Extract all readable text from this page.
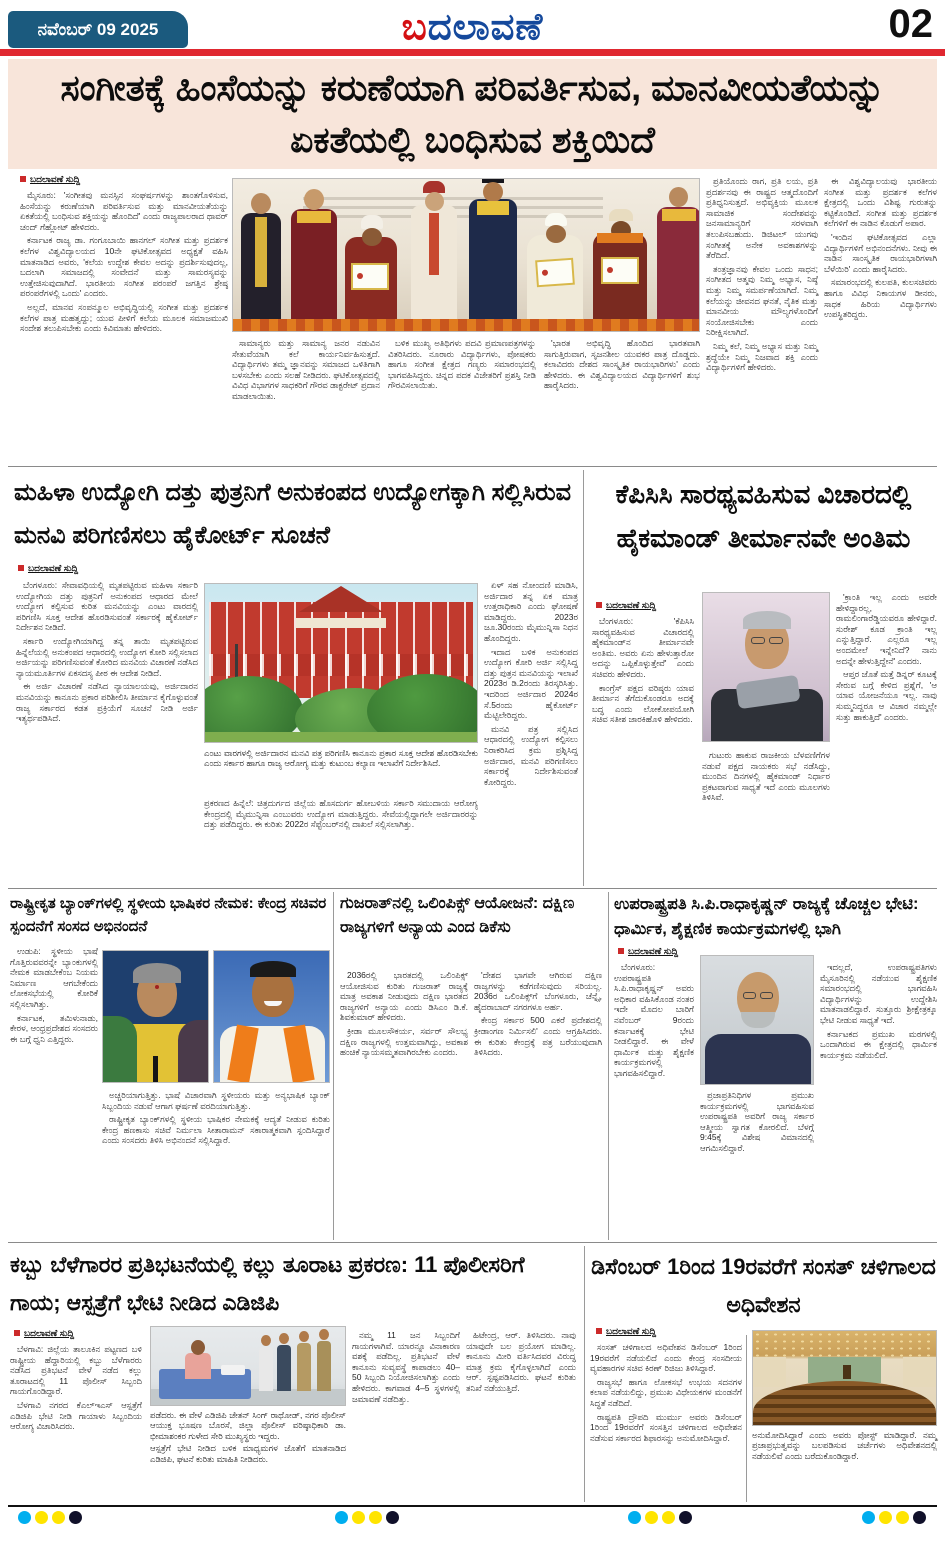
ನವೆಂಬರ್ 09 2025	ಬದಲಾವಣೆ	02
ಸಂಗೀತಕ್ಕೆ ಹಿಂಸೆಯನ್ನು ಕರುಣೆಯಾಗಿ ಪರಿವರ್ತಿಸುವ, ಮಾನವೀಯತೆಯನ್ನು ಏಕತೆಯಲ್ಲಿ ಬಂಧಿಸುವ ಶಕ್ತಿಯಿದೆ
ಬದಲಾವಣೆ ಸುದ್ದಿ

ಮೈಸೂರು: 'ಸಂಗೀತವು ಮನಸ್ಸಿನ ಸಂಘರ್ಷಗಳನ್ನು ಶಾಂತಗೊಳಿಸುವ, ಹಿಂಸೆಯನ್ನು ಕರುಣೆಯಾಗಿ ಪರಿವರ್ತಿಸುವ ಮತ್ತು ಮಾನವೀಯತೆಯನ್ನು ಏಕತೆಯಲ್ಲಿ ಬಂಧಿಸುವ ಶಕ್ತಿಯನ್ನು ಹೊಂದಿದೆ' ಎಂದು ರಾಜ್ಯಪಾಲರಾದ ಥಾವರ್ ಚಂದ್ ಗೆಹ್ಲೋಟ್ ಹೇಳಿದರು.

ಕರ್ನಾಟಕ ರಾಜ್ಯ ಡಾ. ಗಂಗೂಬಾಯಿ ಹಾನಗಲ್ ಸಂಗೀತ ಮತ್ತು ಪ್ರದರ್ಶಕ ಕಲೆಗಳ ವಿಶ್ವವಿದ್ಯಾಲಯದ 10ನೇ ಘಟಿಕೋತ್ಸವದ ಅಧ್ಯಕ್ಷತೆ ವಹಿಸಿ ಮಾತನಾಡಿದ ಅವರು, 'ಕಲೆಯ ಉದ್ದೇಶ ಕೇವಲ ಅದನ್ನು ಪ್ರದರ್ಶಿಸುವುದಲ್ಲ, ಬದಲಾಗಿ ಸಮಾಜದಲ್ಲಿ ಸಂವೇದನೆ ಮತ್ತು ಸಾಮರಸ್ಯವನ್ನು ಉತ್ತೇಜಿಸುವುದಾಗಿದೆ. ಭಾರತೀಯ ಸಂಗೀತ ಪರಂಪರೆ ಜಗತ್ತಿನ ಶ್ರೇಷ್ಠ ಪರಂಪರೆಗಳಲ್ಲಿ ಒಂದು' ಎಂದರು.

ಅಲ್ಲದೆ, ಮಾನವ ಸಂಪನ್ಮೂಲ ಅಭಿವೃದ್ಧಿಯಲ್ಲಿ ಸಂಗೀತ ಮತ್ತು ಪ್ರದರ್ಶಕ ಕಲೆಗಳ ಪಾತ್ರ ಮಹತ್ವದ್ದು; ಯುವ ಪೀಳಿಗೆ ಕಲೆಯ ಮೂಲಕ ಸಮಾಜಮುಖಿ ಸಂದೇಶ ತಲುಪಿಸಬೇಕು ಎಂದು ಕಿವಿಮಾತು ಹೇಳಿದರು.

ಸಾಮಾನ್ಯರು ಮತ್ತು ಸಾಮಾನ್ಯ ಜನರ ನಡುವಿನ ಸೇತುವೆಯಾಗಿ ಕಲೆ ಕಾರ್ಯನಿರ್ವಹಿಸುತ್ತದೆ. ವಿದ್ಯಾರ್ಥಿಗಳು ತಮ್ಮ ಜ್ಞಾನವನ್ನು ಸಮಾಜದ ಒಳಿತಿಗಾಗಿ ಬಳಸಬೇಕು ಎಂದು ಸಲಹೆ ನೀಡಿದರು. ಘಟಿಕೋತ್ಸವದಲ್ಲಿ ವಿವಿಧ ವಿಭಾಗಗಳ ಸಾಧಕರಿಗೆ ಗೌರವ ಡಾಕ್ಟರೇಟ್ ಪ್ರದಾನ ಮಾಡಲಾಯಿತು.

ಬಳಿಕ ಮುಖ್ಯ ಅತಿಥಿಗಳು ಪದವಿ ಪ್ರಮಾಣಪತ್ರಗಳನ್ನು ವಿತರಿಸಿದರು. ನೂರಾರು ವಿದ್ಯಾರ್ಥಿಗಳು, ಪೋಷಕರು ಹಾಗೂ ಸಂಗೀತ ಕ್ಷೇತ್ರದ ಗಣ್ಯರು ಸಮಾರಂಭದಲ್ಲಿ ಭಾಗವಹಿಸಿದ್ದರು. ಚಿನ್ನದ ಪದಕ ವಿಜೇತರಿಗೆ ಪ್ರಶಸ್ತಿ ನೀಡಿ ಗೌರವಿಸಲಾಯಿತು.

'ಭಾರತ ಅಭಿವೃದ್ಧಿ ಹೊಂದಿದ ಭಾರತವಾಗಿ ಸಾಗುತ್ತಿರುವಾಗ, ಸೃಜನಶೀಲ ಯುವಕರ ಪಾತ್ರ ದೊಡ್ಡದು. ಕಲಾವಿದರು ದೇಶದ ಸಾಂಸ್ಕೃತಿಕ ರಾಯಭಾರಿಗಳು' ಎಂದು ಹೇಳಿದರು. ಈ ವಿಶ್ವವಿದ್ಯಾಲಯದ ವಿದ್ಯಾರ್ಥಿಗಳಿಗೆ ಶುಭ ಹಾರೈಸಿದರು.

ಪ್ರತಿಯೊಂದು ರಾಗ, ಪ್ರತಿ ಲಯ, ಪ್ರತಿ ಪ್ರದರ್ಶನವು ಈ ರಾಷ್ಟ್ರದ ಆತ್ಮದೊಂದಿಗೆ ಪ್ರತಿಧ್ವನಿಸುತ್ತದೆ. ಅಭಿವ್ಯಕ್ತಿಯ ಮೂಲಕ ಸಾಮಾಜಿಕ ಸಂದೇಶವನ್ನು ಜನಸಾಮಾನ್ಯರಿಗೆ ಸರಳವಾಗಿ ತಲುಪಿಸಬಹುದು. ಡಿಜಿಟಲ್ ಯುಗವು ಸಂಗೀತಕ್ಕೆ ಅನೇಕ ಅವಕಾಶಗಳನ್ನು ತೆರೆದಿದೆ.

ತಂತ್ರಜ್ಞಾನವು ಕೇವಲ ಒಂದು ಸಾಧನ; ಸಂಗೀತದ ಆತ್ಮವು ನಿಮ್ಮ ಅಭ್ಯಾಸ, ನಿಷ್ಠೆ ಮತ್ತು ನಿಮ್ಮ ಸಮರ್ಪಣೆಯಾಗಿದೆ. ನಿಮ್ಮ ಕಲೆಯನ್ನು ಜೀವನದ ಘನತೆ, ನೈತಿಕ ಮತ್ತು ಮಾನವೀಯ ಮೌಲ್ಯಗಳೊಂದಿಗೆ ಸಂಯೋಜಿಸಬೇಕು ಎಂದು ನಿರೀಕ್ಷಿಸಲಾಗಿದೆ.

ನಿಮ್ಮ ಕಲೆ, ನಿಮ್ಮ ಅಭ್ಯಾಸ ಮತ್ತು ನಿಮ್ಮ ಶ್ರದ್ಧೆಯೇ ನಿಮ್ಮ ನಿಜವಾದ ಶಕ್ತಿ ಎಂದು ವಿದ್ಯಾರ್ಥಿಗಳಿಗೆ ಹೇಳಿದರು.

ಈ ವಿಶ್ವವಿದ್ಯಾಲಯವು ಭಾರತೀಯ ಸಂಗೀತ ಮತ್ತು ಪ್ರದರ್ಶಕ ಕಲೆಗಳ ಕ್ಷೇತ್ರದಲ್ಲಿ ಒಂದು ವಿಶಿಷ್ಟ ಗುರುತನ್ನು ಕಟ್ಟಿಕೊಂಡಿದೆ. ಸಂಗೀತ ಮತ್ತು ಪ್ರದರ್ಶಕ ಕಲೆಗಳಿಗೆ ಈ ನಾಡಿನ ಕೊಡುಗೆ ಅಪಾರ.

'ಇಂದಿನ ಘಟಿಕೋತ್ಸವದ ಎಲ್ಲಾ ವಿದ್ಯಾರ್ಥಿಗಳಿಗೆ ಅಭಿನಂದನೆಗಳು. ನೀವು ಈ ನಾಡಿನ ಸಾಂಸ್ಕೃತಿಕ ರಾಯಭಾರಿಗಳಾಗಿ ಬೆಳೆಯಿರಿ' ಎಂದು ಹಾರೈಸಿದರು.

ಸಮಾರಂಭದಲ್ಲಿ ಕುಲಪತಿ, ಕುಲಸಚಿವರು ಹಾಗೂ ವಿವಿಧ ನಿಕಾಯಗಳ ಡೀನರು, ಸಾಧಕ ಹಿರಿಯ ವಿದ್ಯಾರ್ಥಿಗಳು ಉಪಸ್ಥಿತರಿದ್ದರು.

ಮಹಿಳಾ ಉದ್ಯೋಗಿ ದತ್ತು ಪುತ್ರನಿಗೆ ಅನುಕಂಪದ ಉದ್ಯೋಗಕ್ಕಾಗಿ ಸಲ್ಲಿಸಿರುವ ಮನವಿ ಪರಿಗಣಿಸಲು ಹೈಕೋರ್ಟ್ ಸೂಚನೆ
ಬದಲಾವಣೆ ಸುದ್ದಿ

ಬೆಂಗಳೂರು: ಸೇವಾವಧಿಯಲ್ಲಿ ಮೃತಪಟ್ಟಿರುವ ಮಹಿಳಾ ಸರ್ಕಾರಿ ಉದ್ಯೋಗಿಯ ದತ್ತು ಪುತ್ರನಿಗೆ ಅನುಕಂಪದ ಆಧಾರದ ಮೇಲೆ ಉದ್ಯೋಗ ಕಲ್ಪಿಸುವ ಕುರಿತ ಮನವಿಯನ್ನು ಎಂಟು ವಾರದಲ್ಲಿ ಪರಿಗಣಿಸಿ ಸೂಕ್ತ ಆದೇಶ ಹೊರಡಿಸುವಂತೆ ಸರ್ಕಾರಕ್ಕೆ ಹೈಕೋರ್ಟ್ ನಿರ್ದೇಶನ ನೀಡಿದೆ.

ಸರ್ಕಾರಿ ಉದ್ಯೋಗಿಯಾಗಿದ್ದ ತನ್ನ ತಾಯಿ ಮೃತಪಟ್ಟಿರುವ ಹಿನ್ನೆಲೆಯಲ್ಲಿ ಅನುಕಂಪದ ಆಧಾರದಲ್ಲಿ ಉದ್ಯೋಗ ಕೋರಿ ಸಲ್ಲಿಸಲಾದ ಅರ್ಜಿಯನ್ನು ಪರಿಗಣಿಸುವಂತೆ ಕೋರಿದ ಮನವಿಯ ವಿಚಾರಣೆ ನಡೆಸಿದ ನ್ಯಾಯಮೂರ್ತಿಗಳ ಏಕಸದಸ್ಯ ಪೀಠ ಈ ಆದೇಶ ನೀಡಿದೆ.

ಈ ಅರ್ಜಿ ವಿಚಾರಣೆ ನಡೆಸಿದ ನ್ಯಾಯಾಲಯವು, ಅರ್ಜಿದಾರನ ಮನವಿಯನ್ನು ಕಾನೂನು ಪ್ರಕಾರ ಪರಿಶೀಲಿಸಿ ತೀರ್ಮಾನ ಕೈಗೊಳ್ಳುವಂತೆ ರಾಜ್ಯ ಸರ್ಕಾರದ ಕಡತ ಪ್ರಕ್ರಿಯೆಗೆ ಸೂಚನೆ ನೀಡಿ ಅರ್ಜಿ ಇತ್ಯರ್ಥಪಡಿಸಿದೆ.

ಎಂಟು ವಾರಗಳಲ್ಲಿ ಅರ್ಜಿದಾರನ ಮನವಿ ಪತ್ರ ಪರಿಗಣಿಸಿ ಕಾನೂನು ಪ್ರಕಾರ ಸೂಕ್ತ ಆದೇಶ ಹೊರಡಿಸಬೇಕು ಎಂದು ಸರ್ಕಾರ ಹಾಗೂ ರಾಜ್ಯ ಆರೋಗ್ಯ ಮತ್ತು ಕುಟುಂಬ ಕಲ್ಯಾಣ ಇಲಾಖೆಗೆ ನಿರ್ದೇಶಿಸಿದೆ.
ಪ್ರಕರಣದ ಹಿನ್ನೆಲೆ: ಚಿತ್ರದುರ್ಗದ ಜಿಲ್ಲೆಯ ಹೊಸದುರ್ಗ ಹೋಬಳಿಯ ಸರ್ಕಾರಿ ಸಮುದಾಯ ಆರೋಗ್ಯ ಕೇಂದ್ರದಲ್ಲಿ ಮೈಮುನ್ನಿಸಾ ಎಂಬುವರು ಉದ್ಯೋಗ ಮಾಡುತ್ತಿದ್ದರು. ಸೇವೆಯಲ್ಲಿದ್ದಾಗಲೇ ಅರ್ಜಿದಾರರನ್ನು ದತ್ತು ಪಡೆದಿದ್ದರು. ಈ ಕುರಿತು 2022ರ ಸೆಪ್ಟೆಂಬರ್‌ನಲ್ಲಿ ದಾಖಲೆ ಸಲ್ಲಿಸಲಾಗಿತ್ತು.

ಏಳ್ ಸಹ ನೋಂದಣಿ ಮಾಡಿಸಿ, ಅರ್ಜಿದಾರ ತನ್ನ ಏಕ ಮಾತ್ರ ಉತ್ತರಾಧಿಕಾರಿ ಎಂದು ಘೋಷಣೆ ಮಾಡಿದ್ದರು. 2023ರ ಜೂ.30ರಂದು ಮೈಮುನ್ನಿಸಾ ನಿಧನ ಹೊಂದಿದ್ದರು.

ಇದಾದ ಬಳಿಕ ಅನುಕಂಪದ ಉದ್ಯೋಗ ಕೋರಿ ಅರ್ಜಿ ಸಲ್ಲಿಸಿದ್ದ ದತ್ತು ಪುತ್ರನ ಮನವಿಯನ್ನು ಇಲಾಖೆ 2023ರ ಡಿ.2ರಂದು ತಿರಸ್ಕರಿಸಿತ್ತು. ಇದರಿಂದ ಅರ್ಜಿದಾರ 2024ರ ಸೆ.5ರಂದು ಹೈಕೋರ್ಟ್ ಮೆಟ್ಟಿಲೇರಿದ್ದರು.

ಮನವಿ ಪತ್ರ ಸಲ್ಲಿಸಿದ ಆಧಾರದಲ್ಲಿ ಉದ್ಯೋಗ ಕಲ್ಪಿಸಲು ನಿರಾಕರಿಸಿದ ಕ್ರಮ ಪ್ರಶ್ನಿಸಿದ್ದ ಅರ್ಜಿದಾರ, ಮನವಿ ಪರಿಗಣಿಸಲು ಸರ್ಕಾರಕ್ಕೆ ನಿರ್ದೇಶಿಸುವಂತೆ ಕೋರಿದ್ದರು.

ಕೆಪಿಸಿಸಿ ಸಾರಥ್ಯವಹಿಸುವ ವಿಚಾರದಲ್ಲಿ ಹೈಕಮಾಂಡ್ ತೀರ್ಮಾನವೇ ಅಂತಿಮ
ಬದಲಾವಣೆ ಸುದ್ದಿ

ಬೆಂಗಳೂರು: 'ಕೆಪಿಸಿಸಿ ಸಾರಥ್ಯವಹಿಸುವ ವಿಚಾರದಲ್ಲಿ ಹೈಕಮಾಂಡ್‌ನ ತೀರ್ಮಾನವೇ ಅಂತಿಮ. ಅವರು ಏನು ಹೇಳುತ್ತಾರೋ ಅದನ್ನು ಒಪ್ಪಿಕೊಳ್ಳುತ್ತೇವೆ' ಎಂದು ಸಚಿವರು ಹೇಳಿದರು.

ಕಾಂಗ್ರೆಸ್ ಪಕ್ಷದ ವರಿಷ್ಠರು ಯಾವ ತೀರ್ಮಾನ ತೆಗೆದುಕೊಂಡರೂ ಅದಕ್ಕೆ ಬದ್ಧ ಎಂದು ಲೋಕೋಪಯೋಗಿ ಸಚಿವ ಸತೀಶ ಜಾರಕಿಹೊಳಿ ಹೇಳಿದರು.

ಗುಟುರು ಹಾಕುವ ರಾಜಕೀಯ ಬೆಳವಣಿಗೆಗಳ ನಡುವೆ ಪಕ್ಷದ ನಾಯಕರು ಸಭೆ ನಡೆಸಿದ್ದು, ಮುಂದಿನ ದಿನಗಳಲ್ಲಿ ಹೈಕಮಾಂಡ್ ನಿರ್ಧಾರ ಪ್ರಕಟವಾಗುವ ಸಾಧ್ಯತೆ ಇದೆ ಎಂದು ಮೂಲಗಳು ತಿಳಿಸಿವೆ.

'ಕ್ರಾಂತಿ ಇಲ್ಲ ಎಂದು ಅವರೇ ಹೇಳಿದ್ದಾರಲ್ಲ, ರಾಮಲಿಂಗಾರೆಡ್ಡಿಯವರೂ ಹೇಳಿದ್ದಾರೆ. ಸುರೇಶ್ ಕೂಡ ಕ್ರಾಂತಿ ಇಲ್ಲ ಎನ್ನುತ್ತಿದ್ದಾರೆ. ಎಲ್ಲರೂ ಇಲ್ಲ ಅಂದಮೇಲೆ ಇನ್ನೇನಿದೆ? ನಾನು ಅದನ್ನೇ ಹೇಳುತ್ತಿದ್ದೇನೆ' ಎಂದರು.

ಆಪ್ತರ ಜೊತೆ ಮತ್ತೆ ಡಿನ್ನರ್ ಕೂಟಕ್ಕೆ ಸೇರುವ ಬಗ್ಗೆ ಕೇಳಿದ ಪ್ರಶ್ನೆಗೆ, 'ಆ ಯಾವ ಯೋಜನೆಯೂ ಇಲ್ಲ. ನಾವು ಸುಮ್ಮನಿದ್ದರೂ ಆ ವಿಚಾರ ನಮ್ಮಲ್ಲೇ ಸುತ್ತು ಹಾಕುತ್ತಿದೆ' ಎಂದರು.

ರಾಷ್ಟ್ರೀಕೃತ ಬ್ಯಾಂಕ್‌ಗಳಲ್ಲಿ ಸ್ಥಳೀಯ ಭಾಷಿಕರ ನೇಮಕ: ಕೇಂದ್ರ ಸಚಿವರ ಸ್ಪಂದನೆಗೆ ಸಂಸದ ಅಭಿನಂದನೆ

ಉಡುಪಿ: ಸ್ಥಳೀಯ ಭಾಷೆ ಗೊತ್ತಿರುವವರನ್ನೇ ಬ್ಯಾಂಕುಗಳಲ್ಲಿ ನೇಮಕ ಮಾಡಬೇಕೆಂಬ ನಿಯಮ ನಿರ್ಮಾಣ ಆಗಬೇಕೆಂದು ಲೋಕಸಭೆಯಲ್ಲಿ ಕೋರಿಕೆ ಸಲ್ಲಿಸಲಾಗಿತ್ತು.

ಕರ್ನಾಟಕ, ತಮಿಳುನಾಡು, ಕೇರಳ, ಆಂಧ್ರಪ್ರದೇಶದ ಸಂಸದರು ಈ ಬಗ್ಗೆ ಧ್ವನಿ ಎತ್ತಿದ್ದರು.

ಅಚ್ಚರಿಯಾಗುತ್ತಿತ್ತು. ಭಾಷೆ ವಿಚಾರವಾಗಿ ಸ್ಥಳೀಯರು ಮತ್ತು ಅನ್ಯಭಾಷಿಕ ಬ್ಯಾಂಕ್ ಸಿಬ್ಬಂದಿಯ ನಡುವೆ ಆಗಾಗ ಘರ್ಷಣೆ ವರದಿಯಾಗುತ್ತಿತ್ತು.

ರಾಷ್ಟ್ರೀಕೃತ ಬ್ಯಾಂಕ್‌ಗಳಲ್ಲಿ ಸ್ಥಳೀಯ ಭಾಷಿಕರ ನೇಮಕಕ್ಕೆ ಆದ್ಯತೆ ನೀಡುವ ಕುರಿತು ಕೇಂದ್ರ ಹಣಕಾಸು ಸಚಿವೆ ನಿರ್ಮಲಾ ಸೀತಾರಾಮನ್ ಸಕಾರಾತ್ಮಕವಾಗಿ ಸ್ಪಂದಿಸಿದ್ದಾರೆ ಎಂದು ಸಂಸದರು ತಿಳಿಸಿ ಅಭಿನಂದನೆ ಸಲ್ಲಿಸಿದ್ದಾರೆ.

ಗುಜರಾತ್‌ನಲ್ಲಿ ಒಲಿಂಪಿಕ್ಸ್ ಆಯೋಜನೆ: ದಕ್ಷಿಣ ರಾಜ್ಯಗಳಿಗೆ ಅನ್ಯಾಯ ಎಂದ ಡಿಕೆಸು

2036ರಲ್ಲಿ ಭಾರತದಲ್ಲಿ ಒಲಿಂಪಿಕ್ಸ್ ಆಯೋಜಿಸುವ ಕುರಿತು ಗುಜರಾತ್ ರಾಜ್ಯಕ್ಕೆ ಮಾತ್ರ ಅವಕಾಶ ನೀಡುವುದು ದಕ್ಷಿಣ ಭಾರತದ ರಾಜ್ಯಗಳಿಗೆ ಅನ್ಯಾಯ ಎಂದು ಡಿಸಿಎಂ ಡಿ.ಕೆ. ಶಿವಕುಮಾರ್ ಹೇಳಿದರು.

ಕ್ರೀಡಾ ಮೂಲಸೌಕರ್ಯ, ಸರ್ವರ್ ಸೌಲಭ್ಯ ದಕ್ಷಿಣ ರಾಜ್ಯಗಳಲ್ಲಿ ಉತ್ತಮವಾಗಿದ್ದು, ಅವಕಾಶ ಹಂಚಿಕೆ ನ್ಯಾಯಸಮ್ಮತವಾಗಿರಬೇಕು ಎಂದರು.

'ದೇಶದ ಭಾಗವೇ ಆಗಿರುವ ದಕ್ಷಿಣ ರಾಜ್ಯಗಳನ್ನು ಕಡೆಗಣಿಸುವುದು ಸರಿಯಲ್ಲ. 2036ರ ಒಲಿಂಪಿಕ್ಸ್‌ಗೆ ಬೆಂಗಳೂರು, ಚೆನ್ನೈ, ಹೈದರಾಬಾದ್ ನಗರಗಳೂ ಅರ್ಹ.

ಕೇಂದ್ರ ಸರ್ಕಾರ 500 ಎಕರೆ ಪ್ರದೇಶದಲ್ಲಿ ಕ್ರೀಡಾಂಗಣ ನಿರ್ಮಿಸಲಿ' ಎಂದು ಆಗ್ರಹಿಸಿದರು. ಈ ಕುರಿತು ಕೇಂದ್ರಕ್ಕೆ ಪತ್ರ ಬರೆಯುವುದಾಗಿ ತಿಳಿಸಿದರು.

ಉಪರಾಷ್ಟ್ರಪತಿ ಸಿ.ಪಿ.ರಾಧಾಕೃಷ್ಣನ್ ರಾಜ್ಯಕ್ಕೆ ಚೊಚ್ಚಲ ಭೇಟಿ: ಧಾರ್ಮಿಕ, ಶೈಕ್ಷಣಿಕ ಕಾರ್ಯಕ್ರಮಗಳಲ್ಲಿ ಭಾಗಿ
ಬದಲಾವಣೆ ಸುದ್ದಿ

ಬೆಂಗಳೂರು: ಉಪರಾಷ್ಟ್ರಪತಿ ಸಿ.ಪಿ.ರಾಧಾಕೃಷ್ಣನ್ ಅವರು ಅಧಿಕಾರ ವಹಿಸಿಕೊಂಡ ನಂತರ ಇದೇ ಮೊದಲ ಬಾರಿಗೆ ನವೆಂಬರ್ 9ರಂದು ಕರ್ನಾಟಕಕ್ಕೆ ಭೇಟಿ ನೀಡಲಿದ್ದಾರೆ. ಈ ವೇಳೆ ಧಾರ್ಮಿಕ ಮತ್ತು ಶೈಕ್ಷಣಿಕ ಕಾರ್ಯಕ್ರಮಗಳಲ್ಲಿ ಭಾಗವಹಿಸಲಿದ್ದಾರೆ.

ಪ್ರಜಾಪ್ರತಿನಿಧಿಗಳ ಪ್ರಮುಖ ಕಾರ್ಯಕ್ರಮಗಳಲ್ಲಿ ಭಾಗವಹಿಸುವ ಉಪರಾಷ್ಟ್ರಪತಿ ಅವರಿಗೆ ರಾಜ್ಯ ಸರ್ಕಾರ ಆತ್ಮೀಯ ಸ್ವಾಗತ ಕೋರಲಿದೆ. ಬೆಳಗ್ಗೆ 9:45ಕ್ಕೆ ವಿಶೇಷ ವಿಮಾನದಲ್ಲಿ ಆಗಮಿಸಲಿದ್ದಾರೆ.

ಇದಲ್ಲದೆ, ಉಪರಾಷ್ಟ್ರಪತಿಗಳು ಮೈಸೂರಿನಲ್ಲಿ ನಡೆಯುವ ಶೈಕ್ಷಣಿಕ ಸಮಾರಂಭದಲ್ಲಿ ಭಾಗವಹಿಸಿ ವಿದ್ಯಾರ್ಥಿಗಳನ್ನು ಉದ್ದೇಶಿಸಿ ಮಾತನಾಡಲಿದ್ದಾರೆ. ಸುತ್ತೂರು ಶ್ರೀಕ್ಷೇತ್ರಕ್ಕೂ ಭೇಟಿ ನೀಡುವ ಸಾಧ್ಯತೆ ಇದೆ.

ಕರ್ನಾಟಕದ ಪ್ರಮುಖ ಮಠಗಳಲ್ಲಿ ಒಂದಾಗಿರುವ ಈ ಕ್ಷೇತ್ರದಲ್ಲಿ ಧಾರ್ಮಿಕ ಕಾರ್ಯಕ್ರಮ ನಡೆಯಲಿದೆ.

ಕಬ್ಬು ಬೆಳೆಗಾರರ ಪ್ರತಿಭಟನೆಯಲ್ಲಿ ಕಲ್ಲು ತೂರಾಟ ಪ್ರಕರಣ: 11 ಪೊಲೀಸರಿಗೆ ಗಾಯ; ಆಸ್ಪತ್ರೆಗೆ ಭೇಟಿ ನೀಡಿದ ಎಡಿಜಿಪಿ
ಬದಲಾವಣೆ ಸುದ್ದಿ

ಬೆಳಗಾವಿ: ಜಿಲ್ಲೆಯ ತಾಲೂಕಿನ ಪಟ್ಟಣದ ಬಳಿ ರಾಷ್ಟ್ರೀಯ ಹೆದ್ದಾರಿಯಲ್ಲಿ ಕಬ್ಬು ಬೆಳೆಗಾರರು ನಡೆಸಿದ ಪ್ರತಿಭಟನೆ ವೇಳೆ ನಡೆದ ಕಲ್ಲು ತೂರಾಟದಲ್ಲಿ 11 ಪೊಲೀಸ್ ಸಿಬ್ಬಂದಿ ಗಾಯಗೊಂಡಿದ್ದಾರೆ.

ಬೆಳಗಾವಿ ನಗರದ ಕೆಎಲ್‌ಇಎಸ್ ಆಸ್ಪತ್ರೆಗೆ ಎಡಿಜಿಪಿ ಭೇಟಿ ನೀಡಿ ಗಾಯಾಳು ಸಿಬ್ಬಂದಿಯ ಆರೋಗ್ಯ ವಿಚಾರಿಸಿದರು.

ಪಡೆದರು. ಈ ವೇಳೆ ಎಡಿಜಿಪಿ ಚೇತನ್ ಸಿಂಗ್ ರಾಥೋಡ್, ನಗರ ಪೊಲೀಸ್ ಆಯುಕ್ತ ಭೂಷಣ ಬೊರಸೆ, ಜಿಲ್ಲಾ ಪೊಲೀಸ್ ವರಿಷ್ಠಾಧಿಕಾರಿ ಡಾ. ಭೀಮಾಶಂಕರ ಗುಳೇದ ಸೇರಿ ಮುಖ್ಯಸ್ಥರು ಇದ್ದರು.

ಆಸ್ಪತ್ರೆಗೆ ಭೇಟಿ ನೀಡಿದ ಬಳಿಕ ಮಾಧ್ಯಮಗಳ ಜೊತೆಗೆ ಮಾತನಾಡಿದ ಎಡಿಜಿಪಿ, ಘಟನೆ ಕುರಿತು ಮಾಹಿತಿ ನೀಡಿದರು.

ನಮ್ಮ 11 ಜನ ಸಿಬ್ಬಂದಿಗೆ ಗಾಯಗಳಾಗಿವೆ. ಯಾರನ್ನೂ ವಿನಾಕಾರಣ ವಶಕ್ಕೆ ಪಡೆದಿಲ್ಲ. ಪ್ರತಿಭಟನೆ ವೇಳೆ ಕಾನೂನು ಸುವ್ಯವಸ್ಥೆ ಕಾಪಾಡಲು 40–50 ಸಿಬ್ಬಂದಿ ನಿಯೋಜಿಸಲಾಗಿತ್ತು ಎಂದು ಹೇಳಿದರು. ಕಾಗವಾಡ 4–5 ಸ್ಥಳಗಳಲ್ಲಿ ಜಮಾವಣೆ ನಡೆದಿತ್ತು.

ಹಿಟೇಂದ್ರ, ಆರ್. ತಿಳಿಸಿದರು. ನಾವು ಯಾವುದೇ ಬಲ ಪ್ರಯೋಗ ಮಾಡಿಲ್ಲ. ಕಾನೂನು ಮೀರಿ ವರ್ತಿಸಿದವರ ವಿರುದ್ಧ ಮಾತ್ರ ಕ್ರಮ ಕೈಗೊಳ್ಳಲಾಗಿದೆ ಎಂದು ಆರ್. ಸ್ಪಷ್ಟಪಡಿಸಿದರು. ಘಟನೆ ಕುರಿತು ತನಿಖೆ ನಡೆಯುತ್ತಿದೆ.

ಡಿಸೆಂಬರ್ 1ರಿಂದ 19ರವರೆಗೆ ಸಂಸತ್ ಚಳಿಗಾಲದ ಅಧಿವೇಶನ
ಬದಲಾವಣೆ ಸುದ್ದಿ

ಸಂಸತ್ ಚಳಿಗಾಲದ ಅಧಿವೇಶನ ಡಿಸೆಂಬರ್ 1ರಿಂದ 19ರವರೆಗೆ ನಡೆಯಲಿದೆ ಎಂದು ಕೇಂದ್ರ ಸಂಸದೀಯ ವ್ಯವಹಾರಗಳ ಸಚಿವ ಕಿರಣ್ ರಿಜಿಜು ತಿಳಿಸಿದ್ದಾರೆ.

ರಾಜ್ಯಸಭೆ ಹಾಗೂ ಲೋಕಸಭೆ ಉಭಯ ಸದನಗಳ ಕಲಾಪ ನಡೆಯಲಿದ್ದು, ಪ್ರಮುಖ ವಿಧೇಯಕಗಳ ಮಂಡನೆಗೆ ಸಿದ್ಧತೆ ನಡೆದಿದೆ.

ರಾಷ್ಟ್ರಪತಿ ದ್ರೌಪದಿ ಮುರ್ಮು ಅವರು ಡಿಸೆಂಬರ್ 1ರಿಂದ 19ರವರೆಗೆ ಸಂಸತ್ತಿನ ಚಳಿಗಾಲದ ಅಧಿವೇಶನ ನಡೆಸುವ ಸರ್ಕಾರದ ಶಿಫಾರಸನ್ನು ಅನುಮೋದಿಸಿದ್ದಾರೆ.	ಅನುಮೋದಿಸಿದ್ದಾರೆ ಎಂದು ಅವರು ಪೋಸ್ಟ್ ಮಾಡಿದ್ದಾರೆ. ನಮ್ಮ ಪ್ರಜಾಪ್ರಭುತ್ವವನ್ನು ಬಲಪಡಿಸುವ ಚರ್ಚೆಗಳು ಅಧಿವೇಶನದಲ್ಲಿ ನಡೆಯಲಿವೆ ಎಂದು ಬರೆದುಕೊಂಡಿದ್ದಾರೆ.
